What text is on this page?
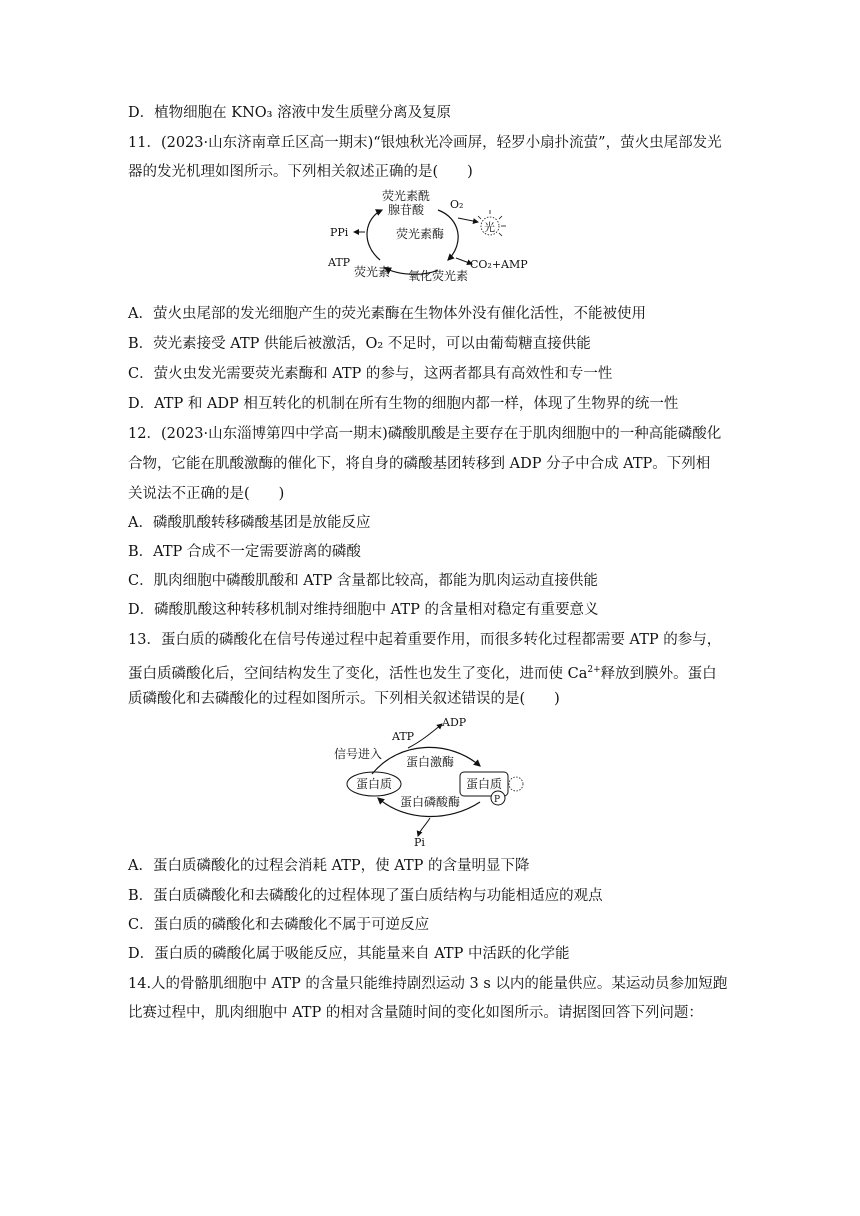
D．植物细胞在 KNO₃ 溶液中发生质壁分离及复原
11．(2023·山东济南章丘区高一期末)“银烛秋光冷画屏，轻罗小扇扑流萤”，萤火虫尾部发光
器的发光机理如图所示。下列相关叙述正确的是(　　)
荧光素酰
腺苷酸 O₂
光
荧光素酶
PPi
ATP
荧光素 氧化荧光素
CO₂+AMP
A．萤火虫尾部的发光细胞产生的荧光素酶在生物体外没有催化活性，不能被使用
B．荧光素接受 ATP 供能后被激活，O₂ 不足时，可以由葡萄糖直接供能
C．萤火虫发光需要荧光素酶和 ATP 的参与，这两者都具有高效性和专一性
D．ATP 和 ADP 相互转化的机制在所有生物的细胞内都一样，体现了生物界的统一性
12．(2023·山东淄博第四中学高一期末)磷酸肌酸是主要存在于肌肉细胞中的一种高能磷酸化
合物，它能在肌酸激酶的催化下，将自身的磷酸基团转移到 ADP 分子中合成 ATP。下列相
关说法不正确的是(　　)
A．磷酸肌酸转移磷酸基团是放能反应
B．ATP 合成不一定需要游离的磷酸
C．肌肉细胞中磷酸肌酸和 ATP 含量都比较高，都能为肌肉运动直接供能
D．磷酸肌酸这种转移机制对维持细胞中 ATP 的含量相对稳定有重要意义
13．蛋白质的磷酸化在信号传递过程中起着重要作用，而很多转化过程都需要 ATP 的参与，
蛋白质磷酸化后，空间结构发生了变化，活性也发生了变化，进而使 $Ca^{2+}$释放到膜外。蛋白
质磷酸化和去磷酸化的过程如图所示。下列相关叙述错误的是(　　)
ADP
ATP
信号进入
蛋白激酶
蛋白质	蛋白质
P
蛋白磷酸酶
Pi
A．蛋白质磷酸化的过程会消耗 ATP，使 ATP 的含量明显下降
B．蛋白质磷酸化和去磷酸化的过程体现了蛋白质结构与功能相适应的观点
C．蛋白质的磷酸化和去磷酸化不属于可逆反应
D．蛋白质的磷酸化属于吸能反应，其能量来自 ATP 中活跃的化学能
14.人的骨骼肌细胞中 ATP 的含量只能维持剧烈运动 3 s 以内的能量供应。某运动员参加短跑
比赛过程中，肌肉细胞中 ATP 的相对含量随时间的变化如图所示。请据图回答下列问题：
